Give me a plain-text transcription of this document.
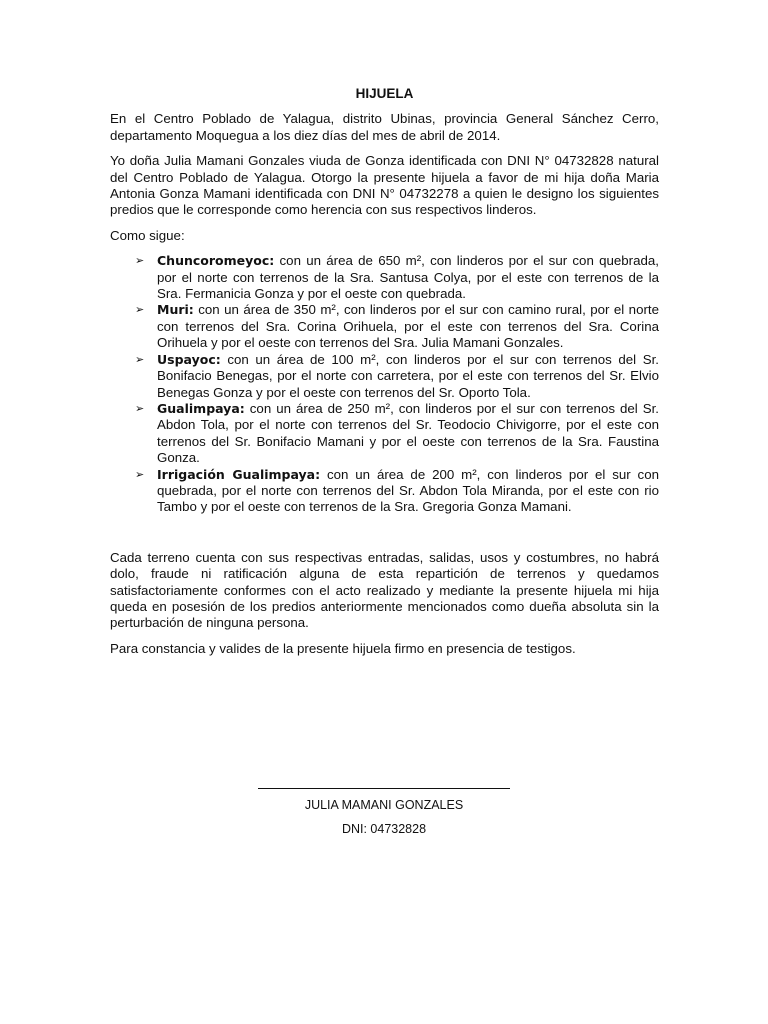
HIJUELA

En el Centro Poblado de Yalagua, distrito Ubinas, provincia General Sánchez Cerro, departamento Moquegua a los diez días del mes de abril de 2014.

Yo doña Julia Mamani Gonzales viuda de Gonza identificada con DNI N° 04732828 natural del Centro Poblado de Yalagua. Otorgo la presente hijuela a favor de mi hija doña Maria Antonia Gonza Mamani identificada con DNI N° 04732278 a quien le designo los siguientes predios que le corresponde como herencia con sus respectivos linderos.

Como sigue:

➢ Chuncoromeyoc: con un área de 650 m², con linderos por el sur con quebrada, por el norte con terrenos de la Sra. Santusa Colya, por el este con terrenos de la Sra. Fermanicia Gonza y por el oeste con quebrada.
➢ Muri: con un área de 350 m², con linderos por el sur con camino rural, por el norte con terrenos del Sra. Corina Orihuela, por el este con terrenos del Sra. Corina Orihuela y por el oeste con terrenos del Sra. Julia Mamani Gonzales.
➢ Uspayoc: con un área de 100 m², con linderos por el sur con terrenos del Sr. Bonifacio Benegas, por el norte con carretera, por el este con terrenos del Sr. Elvio Benegas Gonza y por el oeste con terrenos del Sr. Oporto Tola.
➢ Gualimpaya: con un área de 250 m², con linderos por el sur con terrenos del Sr. Abdon Tola, por el norte con terrenos del Sr. Teodocio Chivigorre, por el este con terrenos del Sr. Bonifacio Mamani y por el oeste con terrenos de la Sra. Faustina Gonza.
➢ Irrigación Gualimpaya: con un área de 200 m², con linderos por el sur con quebrada, por el norte con terrenos del Sr. Abdon Tola Miranda, por el este con rio Tambo y por el oeste con terrenos de la Sra. Gregoria Gonza Mamani.

Cada terreno cuenta con sus respectivas entradas, salidas, usos y costumbres, no habrá dolo, fraude ni ratificación alguna de esta repartición de terrenos y quedamos satisfactoriamente conformes con el acto realizado y mediante la presente hijuela mi hija queda en posesión de los predios anteriormente mencionados como dueña absoluta sin la perturbación de ninguna persona.

Para constancia y valides de la presente hijuela firmo en presencia de testigos.

JULIA MAMANI GONZALES
DNI: 04732828
